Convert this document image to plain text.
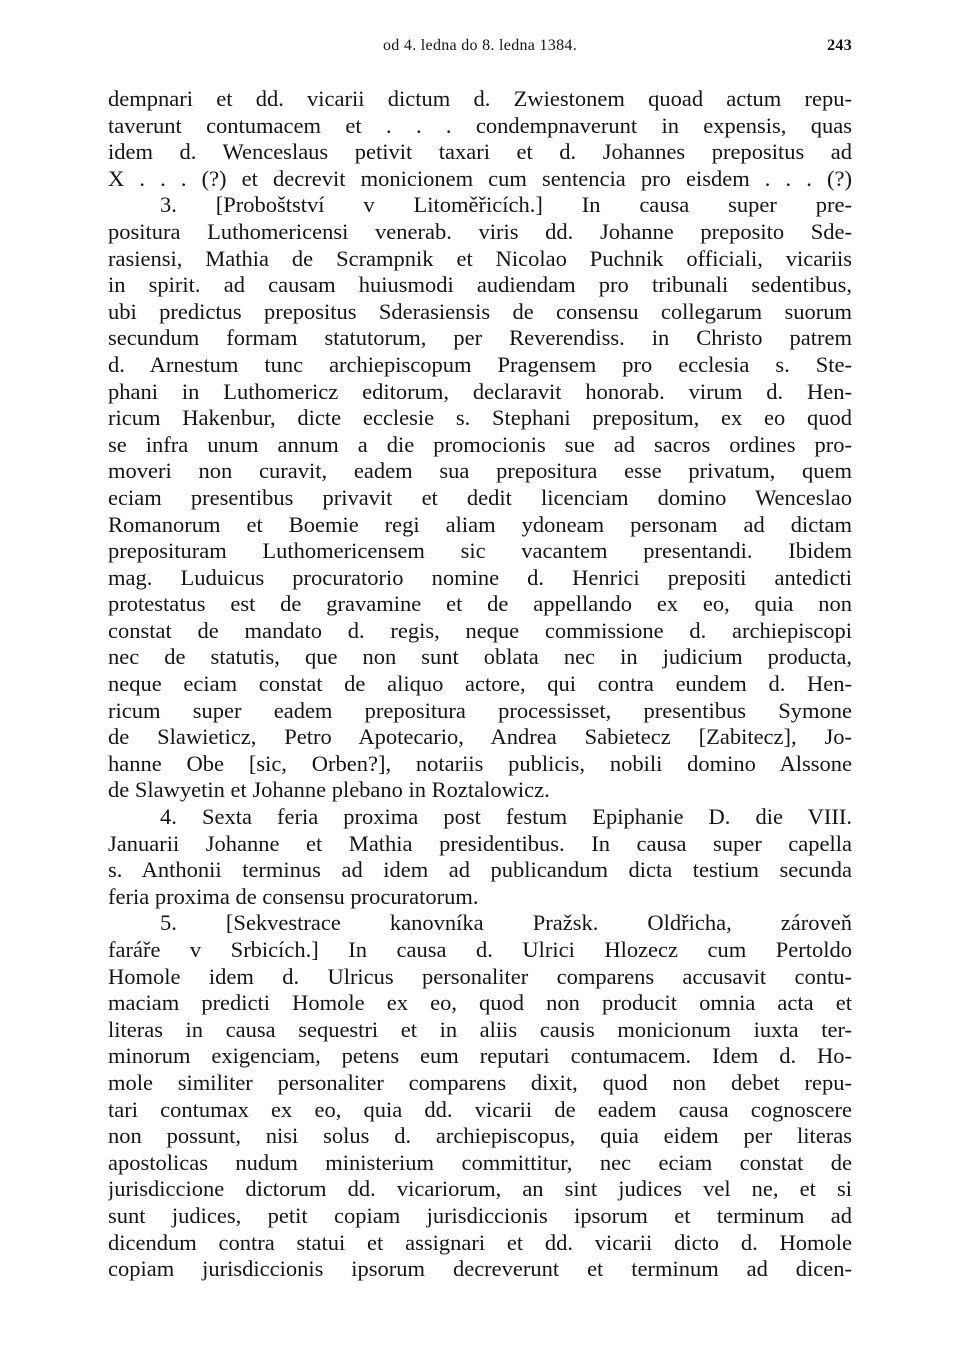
od 4. ledna do 8. ledna 1384.	243
dempnari et dd. vicarii dictum d. Zwiestonem quoad actum repu-
taverunt contumacem et . . . condempnaverunt in expensis, quas
idem d. Wenceslaus petivit taxari et d. Johannes prepositus ad
X . . . (?) et decrevit monicionem cum sentencia pro eisdem . . . (?)
3. [Proboštství v Litoměřicích.] In causa super pre-
positura Luthomericensi venerab. viris dd. Johanne preposito Sde-
rasiensi, Mathia de Scrampnik et Nicolao Puchnik officiali, vicariis
in spirit. ad causam huiusmodi audiendam pro tribunali sedentibus,
ubi predictus prepositus Sderasiensis de consensu collegarum suorum
secundum formam statutorum, per Reverendiss. in Christo patrem
d. Arnestum tunc archiepiscopum Pragensem pro ecclesia s. Ste-
phani in Luthomericz editorum, declaravit honorab. virum d. Hen-
ricum Hakenbur, dicte ecclesie s. Stephani prepositum, ex eo quod
se infra unum annum a die promocionis sue ad sacros ordines pro-
moveri non curavit, eadem sua prepositura esse privatum, quem
eciam presentibus privavit et dedit licenciam domino Wenceslao
Romanorum et Boemie regi aliam ydoneam personam ad dictam
preposituram Luthomericensem sic vacantem presentandi. Ibidem
mag. Luduicus procuratorio nomine d. Henrici prepositi antedicti
protestatus est de gravamine et de appellando ex eo, quia non
constat de mandato d. regis, neque commissione d. archiepiscopi
nec de statutis, que non sunt oblata nec in judicium producta,
neque eciam constat de aliquo actore, qui contra eundem d. Hen-
ricum super eadem prepositura processisset, presentibus Symone
de Slawieticz, Petro Apotecario, Andrea Sabietecz [Zabitecz], Jo-
hanne Obe [sic, Orben?], notariis publicis, nobili domino Alssone
de Slawyetin et Johanne plebano in Roztalowicz.
4. Sexta feria proxima post festum Epiphanie D. die VIII.
Januarii Johanne et Mathia presidentibus. In causa super capella
s. Anthonii terminus ad idem ad publicandum dicta testium secunda
feria proxima de consensu procuratorum.
5. [Sekvestrace kanovníka Pražsk. Oldřicha, zároveň
faráře v Srbicích.] In causa d. Ulrici Hlozecz cum Pertoldo
Homole idem d. Ulricus personaliter comparens accusavit contu-
maciam predicti Homole ex eo, quod non producit omnia acta et
literas in causa sequestri et in aliis causis monicionum iuxta ter-
minorum exigenciam, petens eum reputari contumacem. Idem d. Ho-
mole similiter personaliter comparens dixit, quod non debet repu-
tari contumax ex eo, quia dd. vicarii de eadem causa cognoscere
non possunt, nisi solus d. archiepiscopus, quia eidem per literas
apostolicas nudum ministerium committitur, nec eciam constat de
jurisdiccione dictorum dd. vicariorum, an sint judices vel ne, et si
sunt judices, petit copiam jurisdiccionis ipsorum et terminum ad
dicendum contra statui et assignari et dd. vicarii dicto d. Homole
copiam jurisdiccionis ipsorum decreverunt et terminum ad dicen-
